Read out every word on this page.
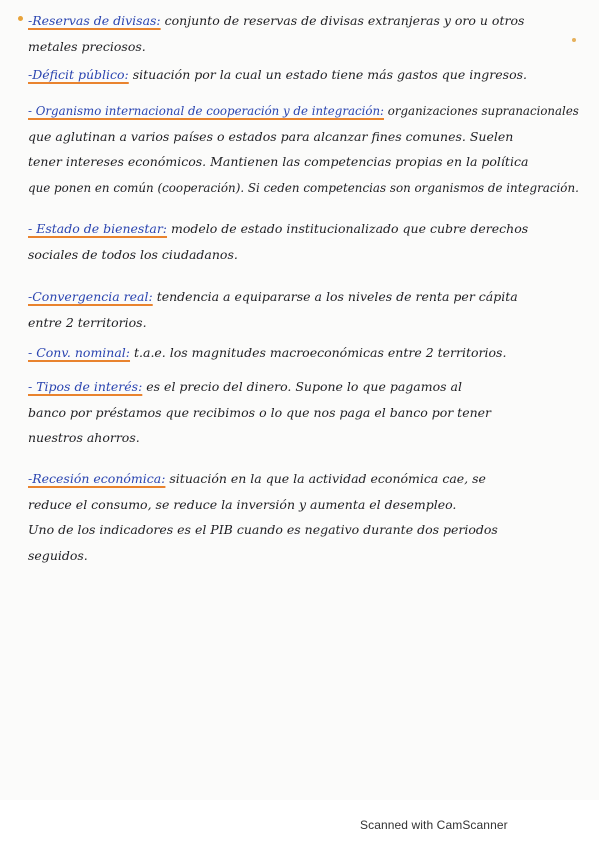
-Reservas de divisas: conjunto de reservas de divisas extranjeras y oro u otros
metales preciosos.
-Déficit público: situación por la cual un estado tiene más gastos que ingresos.
- Organismo internacional de cooperación y de integración: organizaciones supranacionales
que aglutinan a varios países o estados para alcanzar fines comunes. Suelen
tener intereses económicos. Mantienen las competencias propias en la política
que ponen en común (cooperación). Si ceden competencias son organismos de integración.
- Estado de bienestar: modelo de estado institucionalizado que cubre derechos
sociales de todos los ciudadanos.
-Convergencia real: tendencia a equipararse a los niveles de renta per cápita
entre 2 territorios.
- Conv. nominal: t.a.e. los magnitudes macroeconómicas entre 2 territorios.
- Tipos de interés: es el precio del dinero. Supone lo que pagamos al
banco por préstamos que recibimos o lo que nos paga el banco por tener
nuestros ahorros.
-Recesión económica: situación en la que la actividad económica cae, se
reduce el consumo, se reduce la inversión y aumenta el desempleo.
Uno de los indicadores es el PIB cuando es negativo durante dos periodos
seguidos.
Scanned with CamScanner
